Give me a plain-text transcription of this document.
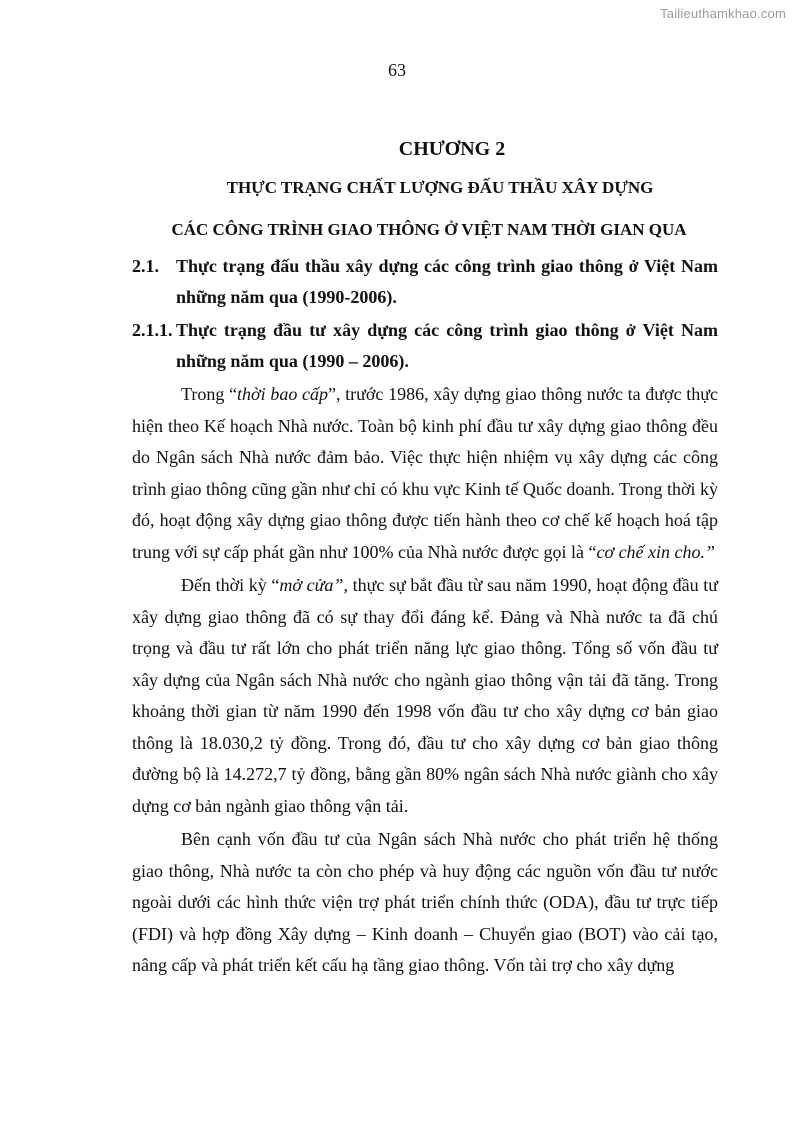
Tailieuthamkhao.com
63
CHƯƠNG 2
THỰC TRẠNG CHẤT LƯỢNG ĐẤU THẦU XÂY DỰNG
CÁC CÔNG TRÌNH GIAO THÔNG Ở VIỆT NAM THỜI GIAN QUA
2.1. Thực trạng đấu thầu xây dựng các công trình giao thông ở Việt Nam những năm qua (1990-2006).
2.1.1. Thực trạng đầu tư xây dựng các công trình giao thông ở Việt Nam những năm qua (1990 – 2006).

Trong “thời bao cấp”, trước 1986, xây dựng giao thông nước ta được thực hiện theo Kế hoạch Nhà nước. Toàn bộ kinh phí đầu tư xây dựng giao thông đều do Ngân sách Nhà nước đảm bảo. Việc thực hiện nhiệm vụ xây dựng các công trình giao thông cũng gần như chỉ có khu vực Kinh tế Quốc doanh. Trong thời kỳ đó, hoạt động xây dựng giao thông được tiến hành theo cơ chế kế hoạch hoá tập trung với sự cấp phát gần như 100% của Nhà nước được gọi là “cơ chế xin cho.”

Đến thời kỳ “mở cửa”, thực sự bắt đầu từ sau năm 1990, hoạt động đầu tư xây dựng giao thông đã có sự thay đổi đáng kể. Đảng và Nhà nước ta đã chú trọng và đầu tư rất lớn cho phát triển năng lực giao thông. Tổng số vốn đầu tư xây dựng của Ngân sách Nhà nước cho ngành giao thông vận tải đã tăng. Trong khoảng thời gian từ năm 1990 đến 1998 vốn đầu tư cho xây dựng cơ bản giao thông là 18.030,2 tỷ đồng. Trong đó, đầu tư cho xây dựng cơ bản giao thông đường bộ là 14.272,7 tỷ đồng, bằng gần 80% ngân sách Nhà nước giành cho xây dựng cơ bản ngành giao thông vận tải.

Bên cạnh vốn đầu tư của Ngân sách Nhà nước cho phát triển hệ thống giao thông, Nhà nước ta còn cho phép và huy động các nguồn vốn đầu tư nước ngoài dưới các hình thức viện trợ phát triển chính thức (ODA), đầu tư trực tiếp (FDI) và hợp đồng Xây dựng – Kinh doanh – Chuyển giao (BOT) vào cải tạo, nâng cấp và phát triển kết cấu hạ tầng giao thông. Vốn tài trợ cho xây dựng
